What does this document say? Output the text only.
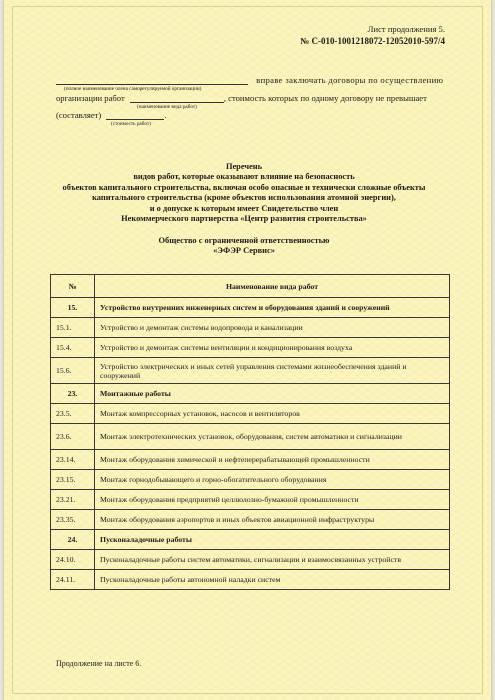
Лист продолжения 5.
№ С-010-1001218072-12052010-597/4
вправе заключать договоры по осуществлению
(полное наименование члена саморегулируемой организации)
организации работ	, стоимость которых по одному договору не превышает
(наименование вида работ)
(составляет)	.
(стоимость работ)
Перечень
видов работ, которые оказывают влияние на безопасность
объектов капитального строительства, включая особо опасные и технически сложные объекты
капитального строительства (кроме объектов использования атомной энергии),
и о допуске к которым имеет Свидетельство член
Некоммерческого партнерства «Центр развития строительства»
Общество с ограниченной ответственностью
«ЭФЭР Сервис»
№	Наименование вида работ
15.	Устройство внутренних инженерных систем и оборудования зданий и сооружений
15.1.	Устройство и демонтаж системы водопровода и канализации
15.4.	Устройство и демонтаж системы вентиляции и кондиционирования воздуха
15.6.	Устройство электрических и иных сетей управления системами жизнеобеспечения зданий и сооружений
23.	Монтажные работы
23.5.	Монтаж компрессорных установок, насосов и вентиляторов
23.6.	Монтаж электротехнических установок, оборудования, систем автоматики и сигнализации
23.14.	Монтаж оборудования химической и нефтеперерабатывающей промышленности
23.15.	Монтаж горнодобывающего и горно-обогатительного оборудования
23.21.	Монтаж оборудования предприятий целлюлозно-бумажной промышленности
23.35.	Монтаж оборудования аэропортов и иных объектов авиационной инфраструктуры
24.	Пусконаладочные работы
24.10.	Пусконаладочные работы систем автоматики, сигнализации и взаимосвязанных устройств
24.11.	Пусконаладочные работы автономной наладки систем
Продолжение на листе 6.
